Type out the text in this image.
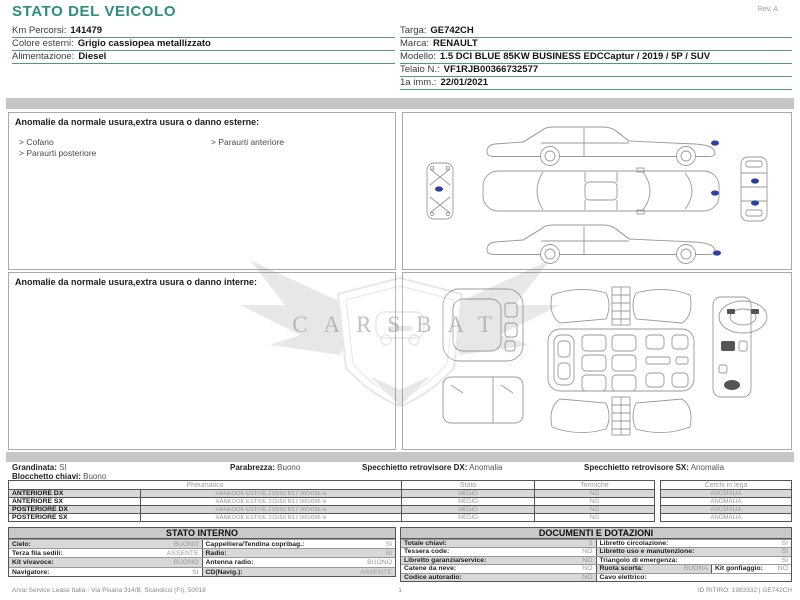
STATO DEL VEICOLO	Rev. A
Km Percorsi: 141479
Colore esterni: Grigio cassiopea metallizzato
Alimentazione: Diesel
Targa: GE742CH
Marca: RENAULT
Modello: 1.5 DCI BLUE 85KW BUSINESS EDCCaptur / 2019 / 5P / SUV
Telaio N.: VF1RJB00366732577
1a imm.: 22/01/2021
Anomalie da normale usura,extra usura o danno esterne:
> Cofano
> Paraurti posteriore
> Paraurti anteriore
Anomalie da normale usura,extra usura o danno interne:
CARSBAT
Grandinata: SI	Parabrezza: Buono	Specchietto retrovisore DX: Anomalia	Specchietto retrovisore SX: Anomalia
Blocchetto chiavi: Buono
Pneumatico		Stato	Termiche
ANTERIORE DX	HANKOOK ESTIVE 215/60 R17 000/096 H	MEDIO	NO
ANTERIORE SX	HANKOOK ESTIVE 215/60 R17 000/096 H	MEDIO	NO
POSTERIORE DX	HANKOOK ESTIVE 215/60 R17 000/096 H	MEDIO	NO
POSTERIORE SX	HANKOOK ESTIVE 215/60 R17 000/096 H	MEDIO	NO
Cerchi in lega
ANOMALIA
ANOMALIA
ANOMALIA
ANOMALIA
STATO INTERNO
Cielo:	BUONO	Cappelliera/Tendina copribag.:	SI
Terza fila sedili:	ASSENTE	Radio:	SI
Kit vivavoce:	BUONO	Antenna radio:	BUONO
Navigatore:	SI	CD(Navig.):	ASSENTE
DOCUMENTI E DOTAZIONI
Totale chiavi:	2	Libretto circolazione:	SI
Tessera code:	NO	Libretto uso e manutenzione:	SI
Libretto garanzia/service:	NO	Triangolo di emergenza:	SI
Catene da neve:	NO	Ruota scorta:	BUONA	Kit gonfiaggio:	NO
Codice autoradio:	NO	Cavo elettrico:
1
Arval Service Lease Italia - Via Pisana 314/B, Scandicci (FI), 50018	ID RITIRO: 1983332 | GE742CH
